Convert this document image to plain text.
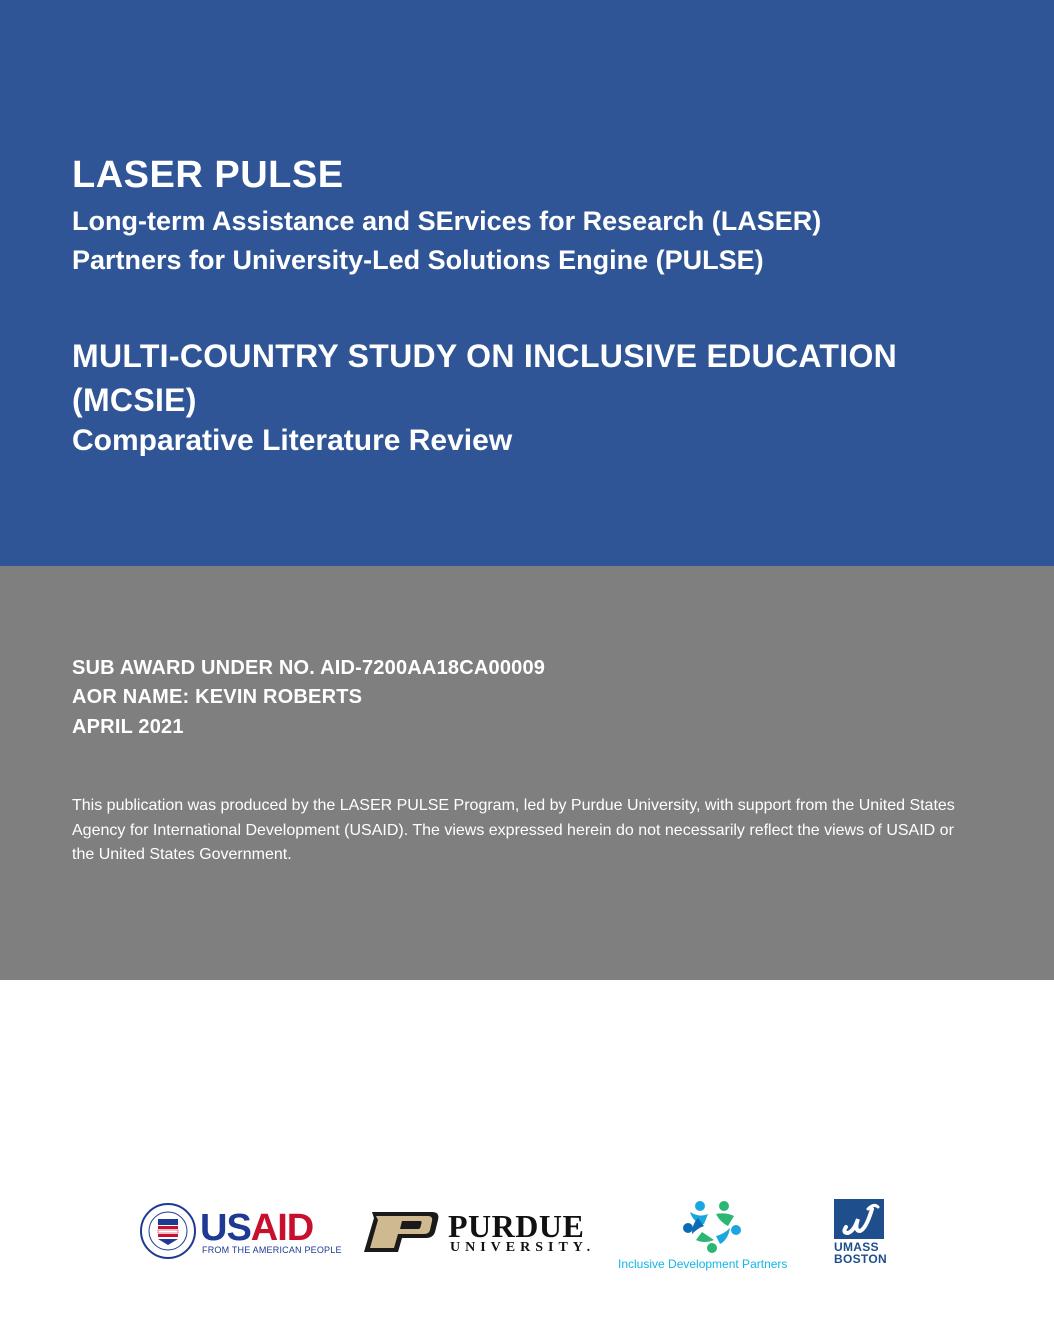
LASER PULSE
Long-term Assistance and SErvices for Research (LASER)
Partners for University-Led Solutions Engine (PULSE)
MULTI-COUNTRY STUDY ON INCLUSIVE EDUCATION (MCSIE)
Comparative Literature Review
SUB AWARD UNDER NO. AID-7200AA18CA00009
AOR NAME: KEVIN ROBERTS
APRIL 2021

This publication was produced by the LASER PULSE Program, led by Purdue University, with support from the United States Agency for International Development (USAID). The views expressed herein do not necessarily reflect the views of USAID or the United States Government.

USAID
FROM THE AMERICAN PEOPLE
PURDUE
UNIVERSITY.
Inclusive Development Partners
UMASS
BOSTON
